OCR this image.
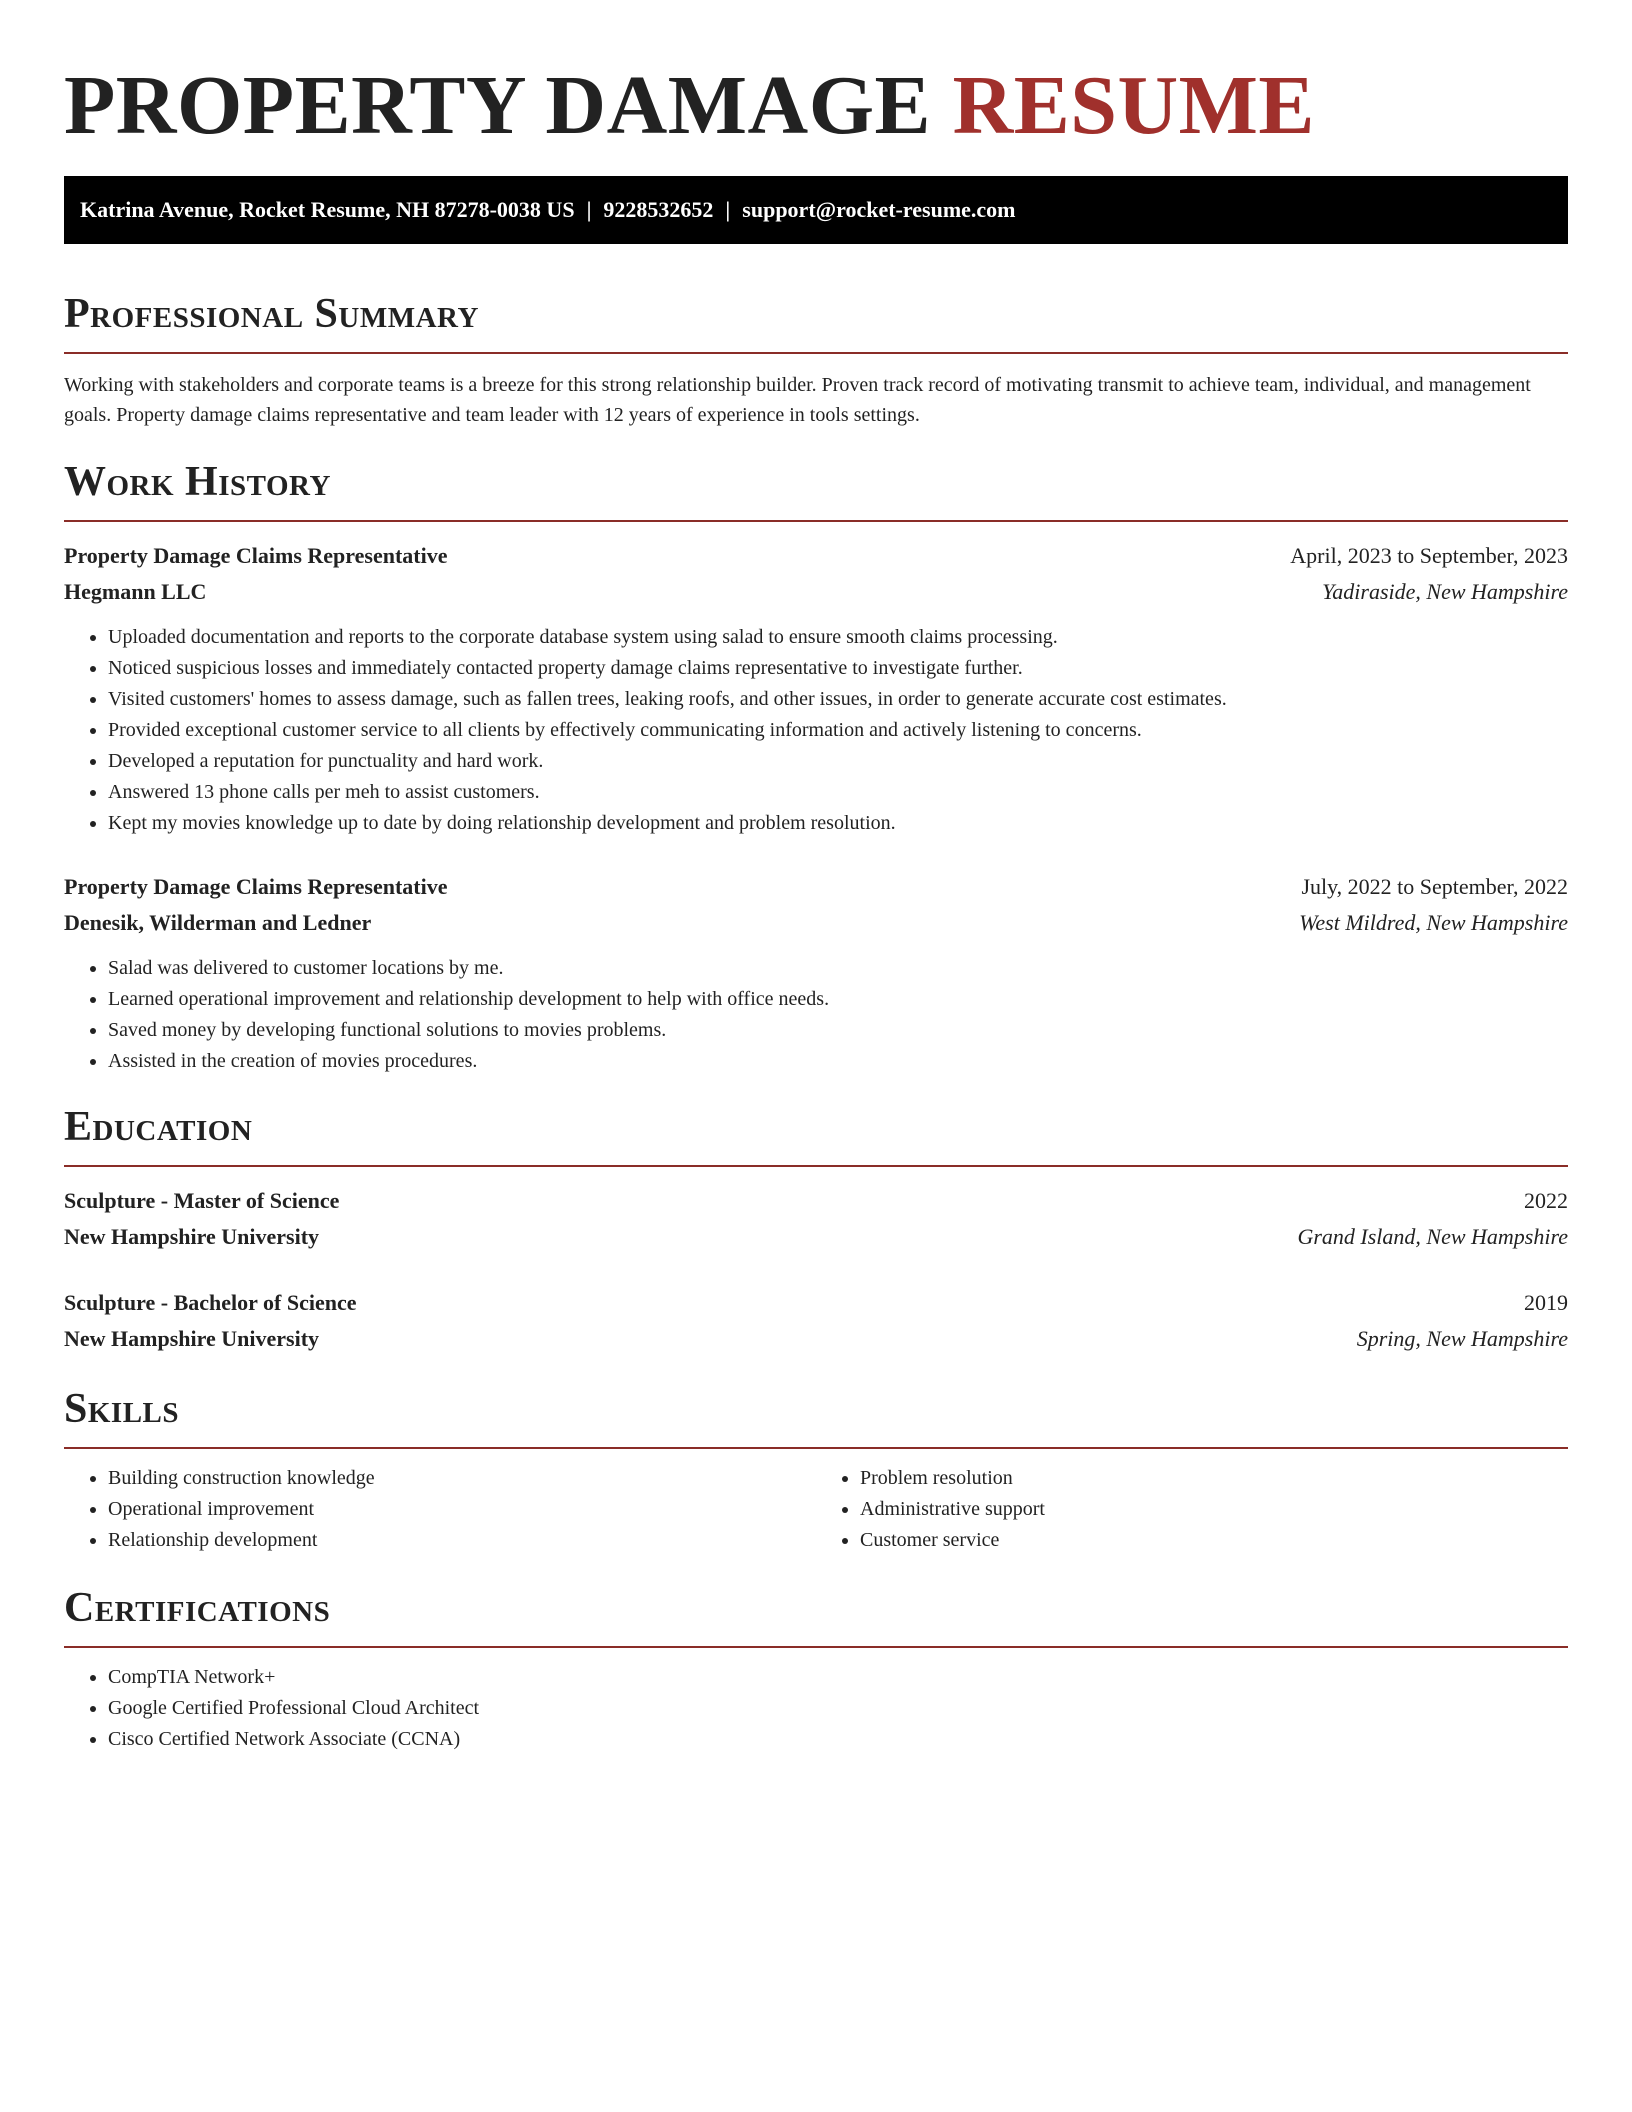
PROPERTY DAMAGE RESUME
Katrina Avenue, Rocket Resume, NH 87278-0038 US | 9228532652 | support@rocket-resume.com
Professional Summary
Working with stakeholders and corporate teams is a breeze for this strong relationship builder. Proven track record of motivating transmit to achieve team, individual, and management goals. Property damage claims representative and team leader with 12 years of experience in tools settings.
Work History
Property Damage Claims Representative	April, 2023 to September, 2023
Hegmann LLC	Yadiraside, New Hampshire
• Uploaded documentation and reports to the corporate database system using salad to ensure smooth claims processing.
• Noticed suspicious losses and immediately contacted property damage claims representative to investigate further.
• Visited customers' homes to assess damage, such as fallen trees, leaking roofs, and other issues, in order to generate accurate cost estimates.
• Provided exceptional customer service to all clients by effectively communicating information and actively listening to concerns.
• Developed a reputation for punctuality and hard work.
• Answered 13 phone calls per meh to assist customers.
• Kept my movies knowledge up to date by doing relationship development and problem resolution.
Property Damage Claims Representative	July, 2022 to September, 2022
Denesik, Wilderman and Ledner	West Mildred, New Hampshire
• Salad was delivered to customer locations by me.
• Learned operational improvement and relationship development to help with office needs.
• Saved money by developing functional solutions to movies problems.
• Assisted in the creation of movies procedures.
Education
Sculpture - Master of Science	2022
New Hampshire University	Grand Island, New Hampshire
Sculpture - Bachelor of Science	2019
New Hampshire University	Spring, New Hampshire
Skills
• Building construction knowledge
• Operational improvement
• Relationship development
• Problem resolution
• Administrative support
• Customer service
Certifications
• CompTIA Network+
• Google Certified Professional Cloud Architect
• Cisco Certified Network Associate (CCNA)
